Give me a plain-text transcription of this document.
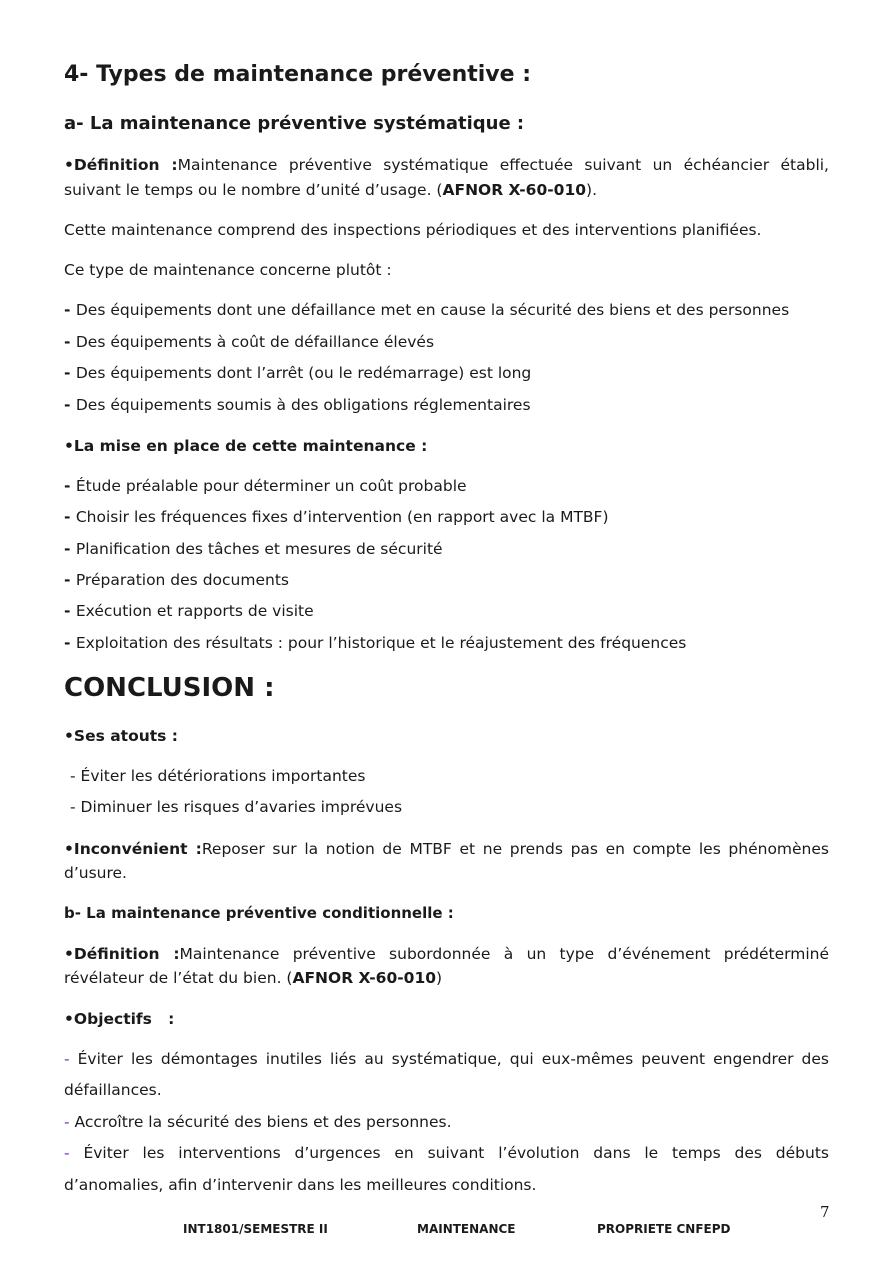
4- Types de maintenance préventive :
a- La maintenance préventive systématique :
• Définition :Maintenance préventive systématique effectuée suivant un échéancier établi,
suivant le temps ou le nombre d’unité d’usage. (AFNOR X-60-010).
Cette maintenance comprend des inspections périodiques et des interventions planifiées.
Ce type de maintenance concerne plutôt :
- Des équipements dont une défaillance met en cause la sécurité des biens et des personnes
- Des équipements à coût de défaillance élevés
- Des équipements dont l’arrêt (ou le redémarrage) est long
- Des équipements soumis à des obligations réglementaires
• La mise en place de cette maintenance :
- Étude préalable pour déterminer un coût probable
- Choisir les fréquences fixes d’intervention (en rapport avec la MTBF)
- Planification des tâches et mesures de sécurité
- Préparation des documents
- Exécution et rapports de visite
- Exploitation des résultats : pour l’historique et le réajustement des fréquences
CONCLUSION :
• Ses atouts :
- Éviter les détériorations importantes
- Diminuer les risques d’avaries imprévues
• Inconvénient :Reposer sur la notion de MTBF et ne prends pas en compte les phénomènes
d’usure.
b- La maintenance préventive conditionnelle :
• Définition :Maintenance préventive subordonnée à un type d’événement prédéterminé
révélateur de l’état du bien. (AFNOR X-60-010)
• Objectifs   :
- Éviter les démontages inutiles liés au systématique, qui eux-mêmes peuvent engendrer des
défaillances.
- Accroître la sécurité des biens et des personnes.
- Éviter les interventions d’urgences en suivant l’évolution dans le temps des débuts
d’anomalies, afin d’intervenir dans les meilleures conditions.
7
INT1801/SEMESTRE II	MAINTENANCE	PROPRIETE CNFEPD
